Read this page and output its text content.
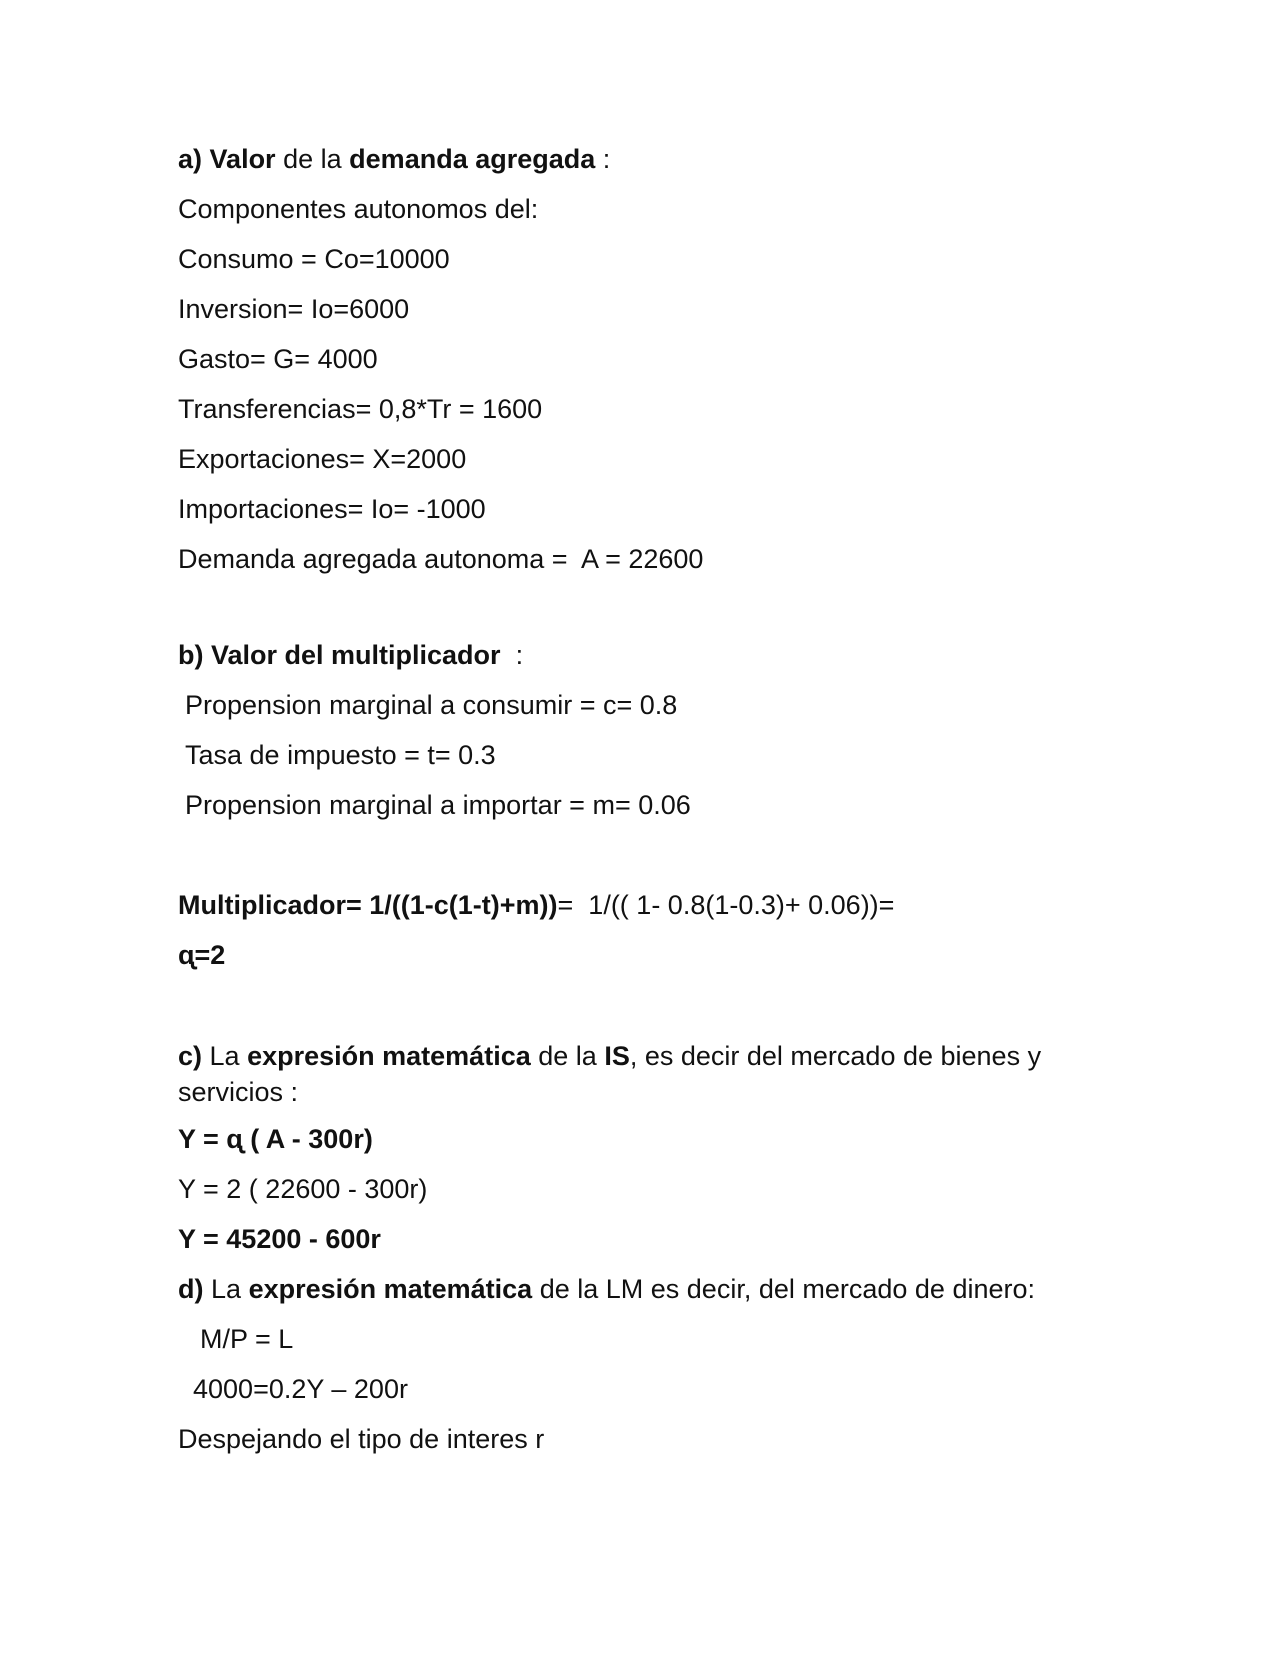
a) Valor de la demanda agregada :
Componentes autonomos del:
Consumo = Co=10000
Inversion= Io=6000
Gasto= G= 4000
Transferencias= 0,8*Tr = 1600
Exportaciones= X=2000
Importaciones= Io= -1000
Demanda agregada autonoma =  A = 22600
b) Valor del multiplicador :
Propension marginal a consumir = c= 0.8
Tasa de impuesto = t= 0.3
Propension marginal a importar = m= 0.06
Multiplicador= 1/((1-c(1-t)+m))=  1/(( 1- 0.8(1-0.3)+ 0.06))=
ᶐ=2
c) La expresión matemática de la IS, es decir del mercado de bienes y servicios :
Y = ᶐ ( A - 300r)
Y = 2 ( 22600 - 300r)
Y = 45200 - 600r
d) La expresión matemática de la LM es decir, del mercado de dinero:
M/P = L
4000=0.2Y – 200r
Despejando el tipo de interes r
